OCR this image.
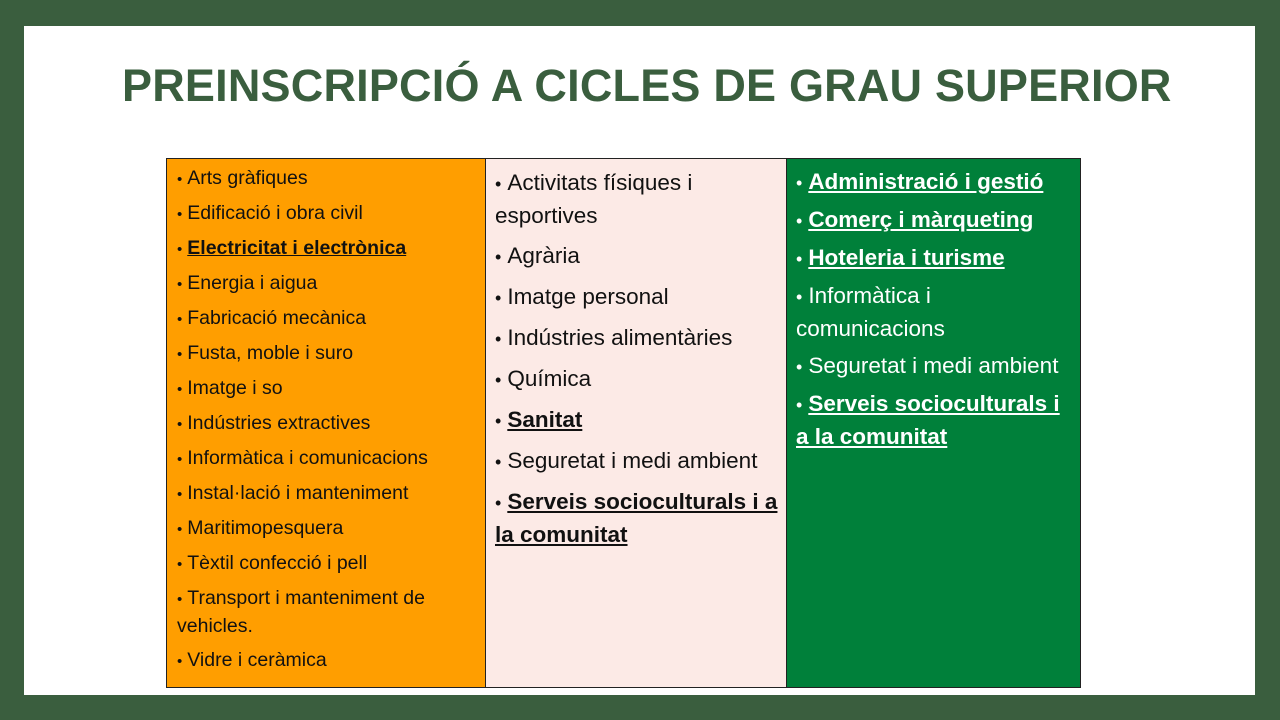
PREINSCRIPCIÓ A CICLES DE GRAU SUPERIOR
• Arts gràfiques
• Edificació i obra civil
• Electricitat i electrònica
• Energia i aigua
• Fabricació mecànica
• Fusta, moble i suro
• Imatge i so
• Indústries extractives
• Informàtica i comunicacions
• Instal·lació i manteniment
• Maritimopesquera
• Tèxtil confecció i pell
• Transport i manteniment de vehicles.
• Vidre i ceràmica
• Activitats físiques i esportives
• Agrària
• Imatge personal
• Indústries alimentàries
• Química
• Sanitat
• Seguretat i medi ambient
• Serveis socioculturals i a la comunitat
• Administració i gestió
• Comerç i màrqueting
• Hoteleria i turisme
• Informàtica i comunicacions
• Seguretat i medi ambient
• Serveis socioculturals i a la comunitat
